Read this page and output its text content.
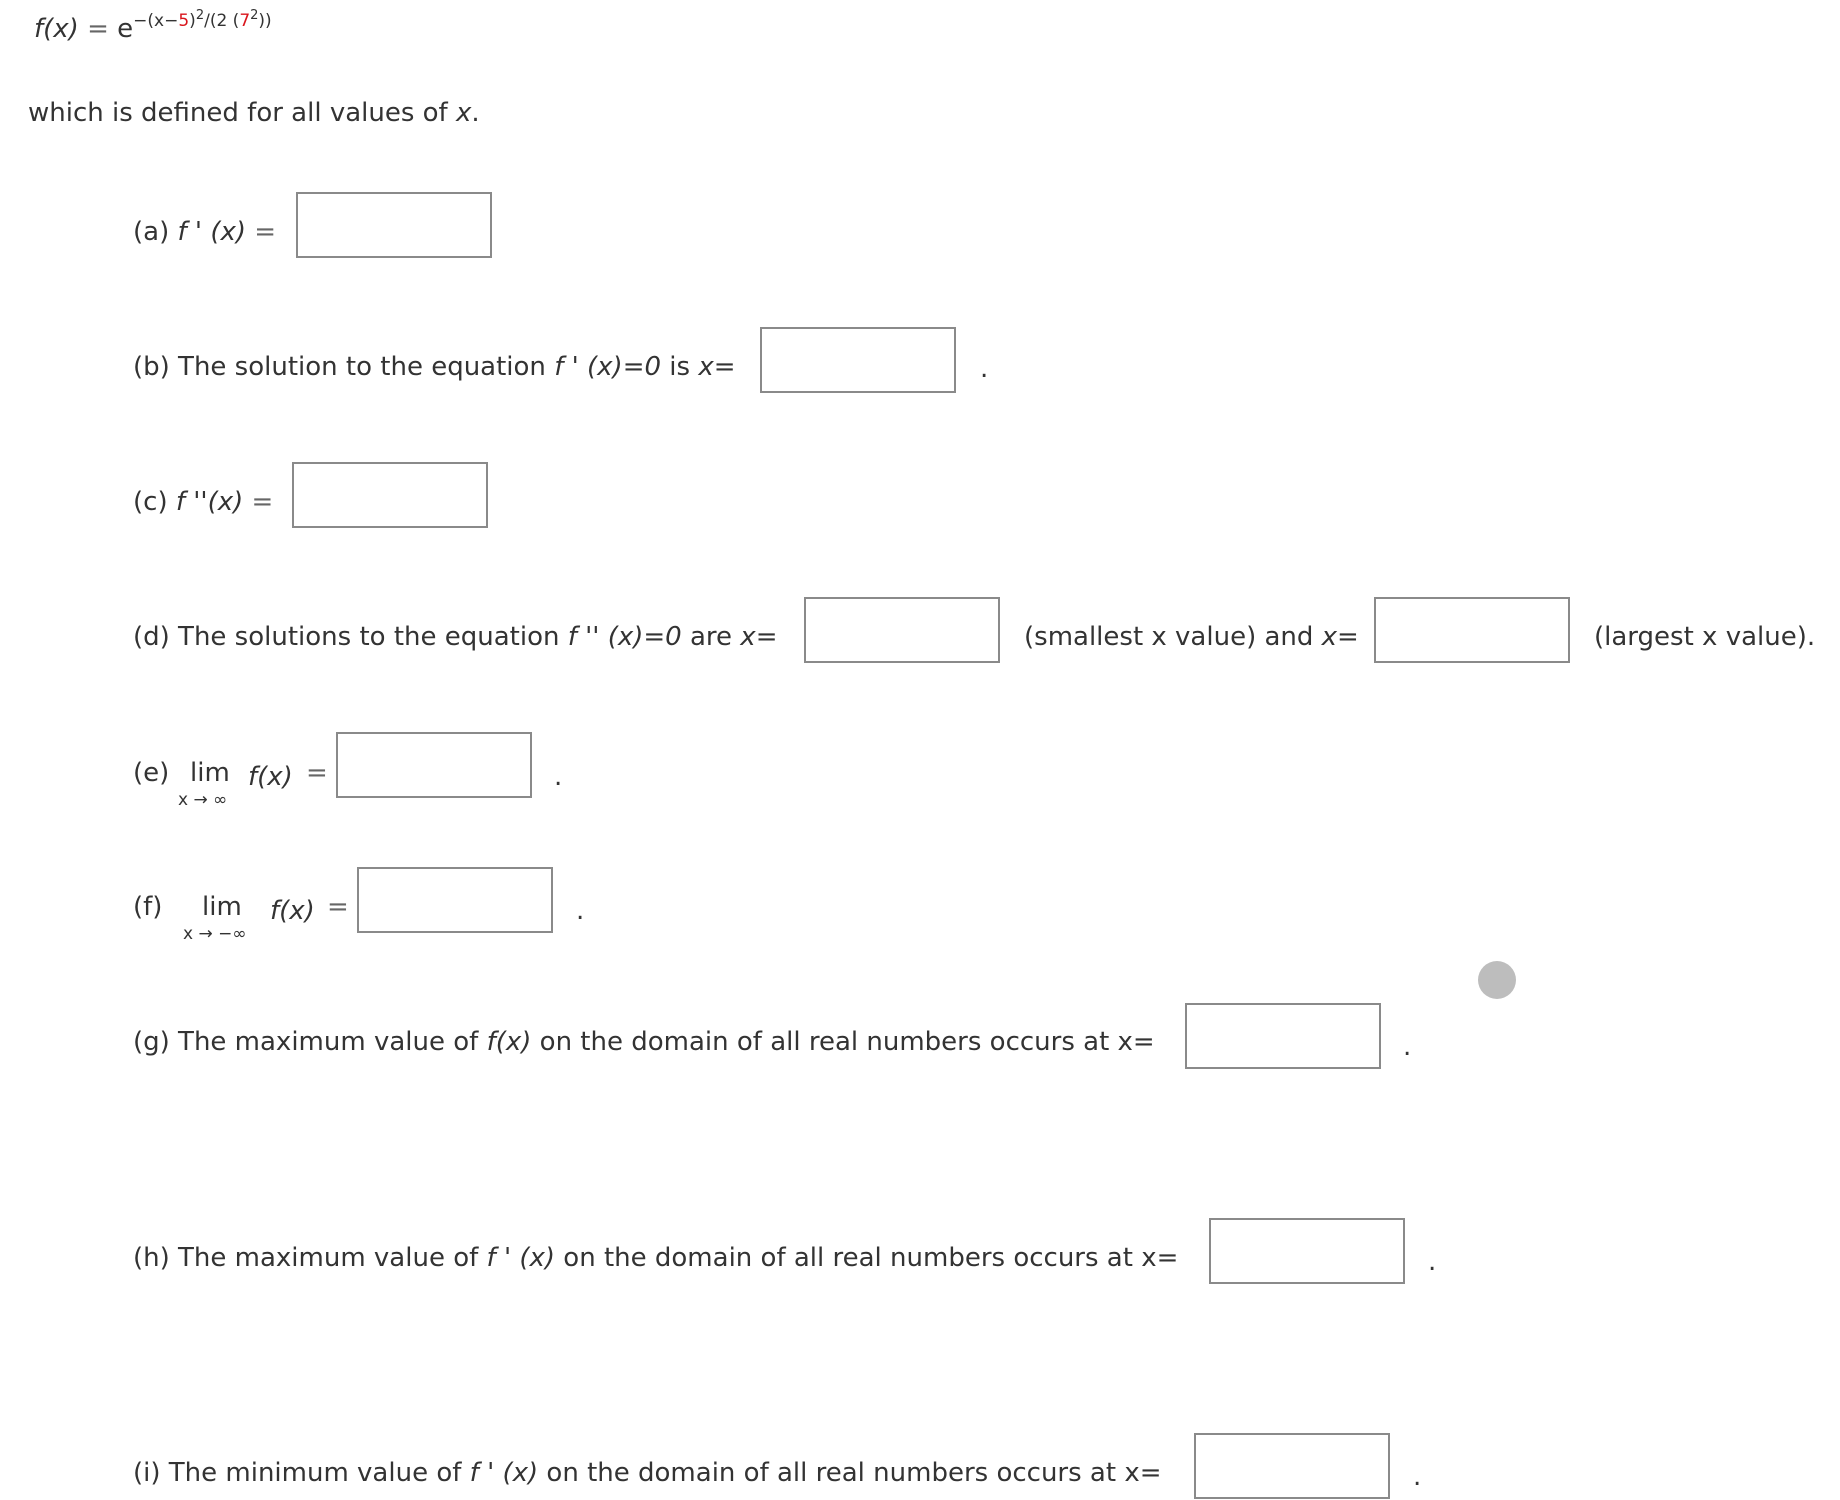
$f(x) = e^{-(x-5)^2/(2 (7^2))}$
which is defined for all values of x.
(a) f ' (x) =
(b) The solution to the equation f ' (x)=0 is x=	.
(c) f ''(x) =
(d) The solutions to the equation f '' (x)=0 are x=	(smallest x value) and x=	(largest x value).
(e) lim
x → ∞
f(x) =	.
(f) lim
x → −∞
f(x) =	.
(g) The maximum value of f(x) on the domain of all real numbers occurs at x=	.
(h) The maximum value of f ' (x) on the domain of all real numbers occurs at x=	.
(i) The minimum value of f ' (x) on the domain of all real numbers occurs at x=	.
